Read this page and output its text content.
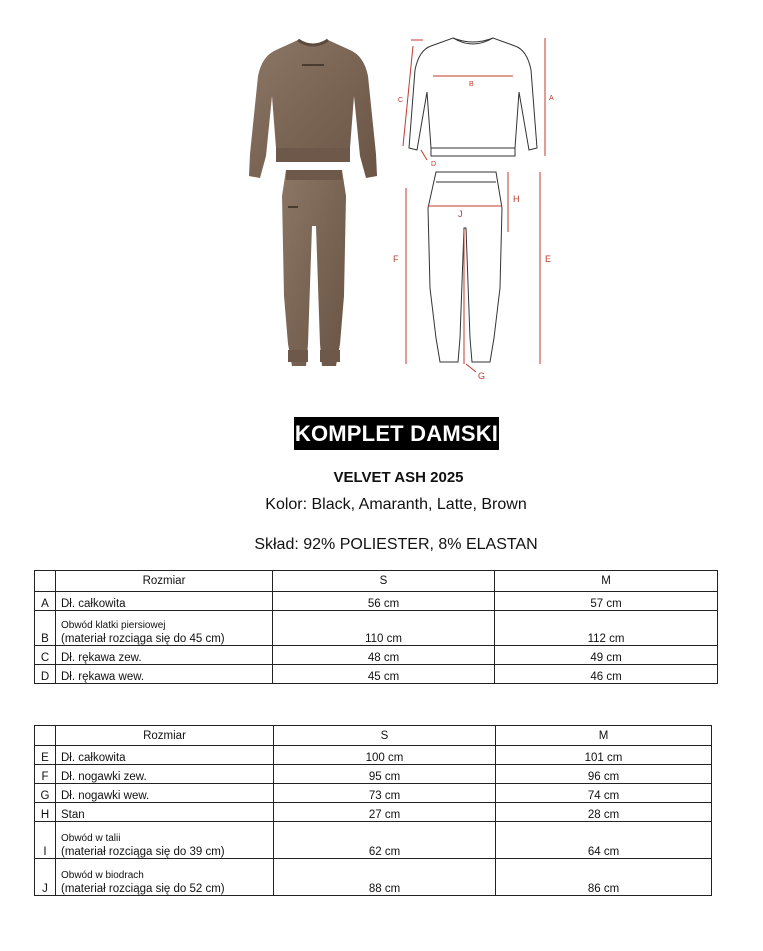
B
A
C
D
F	E
H
J
G
KOMPLET DAMSKI
VELVET ASH 2025
Kolor: Black, Amaranth, Latte, Brown
Skład: 92% POLIESTER, 8% ELASTAN
	Rozmiar	S	M
A	Dł. całkowita	56 cm	57 cm
B	Obwód klatki piersiowej
(materiał rozciąga się do 45 cm)	110 cm	112 cm
C	Dł. rękawa zew.	48 cm	49 cm
D	Dł. rękawa wew.	45 cm	46 cm
	Rozmiar	S	M
E	Dł. całkowita	100 cm	101 cm
F	Dł. nogawki zew.	95 cm	96 cm
G	Dł. nogawki wew.	73 cm	74 cm
H	Stan	27 cm	28 cm
I	Obwód w talii
(materiał rozciąga się do 39 cm)	62 cm	64 cm
J	Obwód w biodrach
(materiał rozciąga się do 52 cm)	88 cm	86 cm
